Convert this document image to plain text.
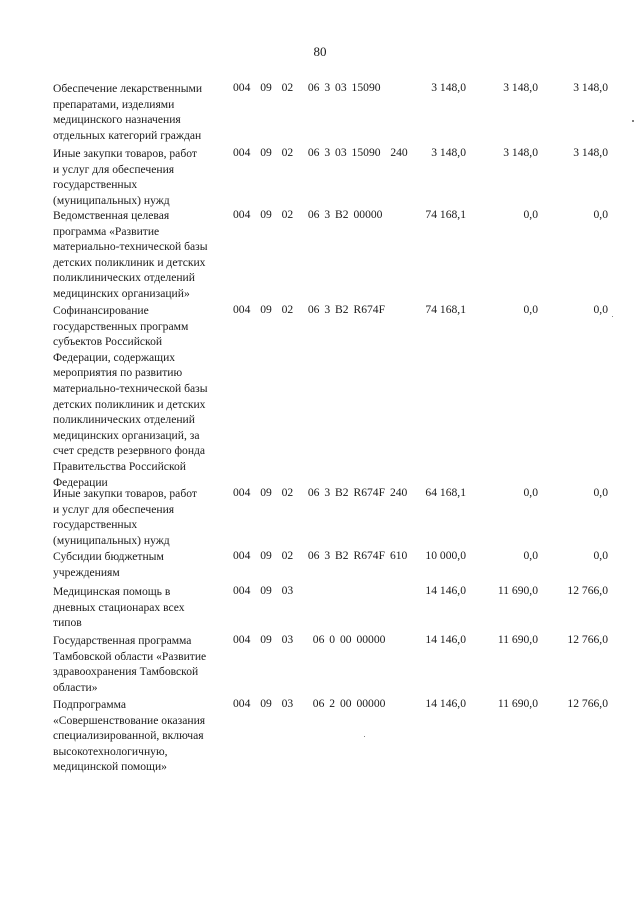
80
Обеспечение лекарственными
препаратами, изделиями
медицинского назначения
отдельных категорий граждан
004  09  02   06 3 03 15090	3 148,0	3 148,0	3 148,0
Иные закупки товаров, работ
и услуг для обеспечения
государственных
(муниципальных) нужд
004  09  02   06 3 03 15090  240	3 148,0	3 148,0	3 148,0
Ведомственная целевая
программа «Развитие
материально-технической базы
детских поликлиник и детских
поликлинических отделений
медицинских организаций»
004  09  02   06 3 B2 00000	74 168,1	0,0	0,0
Софинансирование
государственных программ
субъектов Российской
Федерации, содержащих
мероприятия по развитию
материально-технической базы
детских поликлиник и детских
поликлинических отделений
медицинских организаций, за
счет средств резервного фонда
Правительства Российской
Федерации
004  09  02   06 3 B2 R674F	74 168,1	0,0	0,0
Иные закупки товаров, работ
и услуг для обеспечения
государственных
(муниципальных) нужд
004  09  02   06 3 B2 R674F 240	64 168,1	0,0	0,0
Субсидии бюджетным
учреждениям
004  09  02   06 3 B2 R674F 610	10 000,0	0,0	0,0
Медицинская помощь в
дневных стационарах всех
типов
004  09  03	14 146,0	11 690,0	12 766,0
Государственная программа
Тамбовской области «Развитие
здравоохранения Тамбовской
области»
004  09  03    06 0 00 00000	14 146,0	11 690,0	12 766,0
Подпрограмма
«Совершенствование оказания
специализированной, включая
высокотехнологичную,
медицинской помощи»
004  09  03    06 2 00 00000	14 146,0	11 690,0	12 766,0
